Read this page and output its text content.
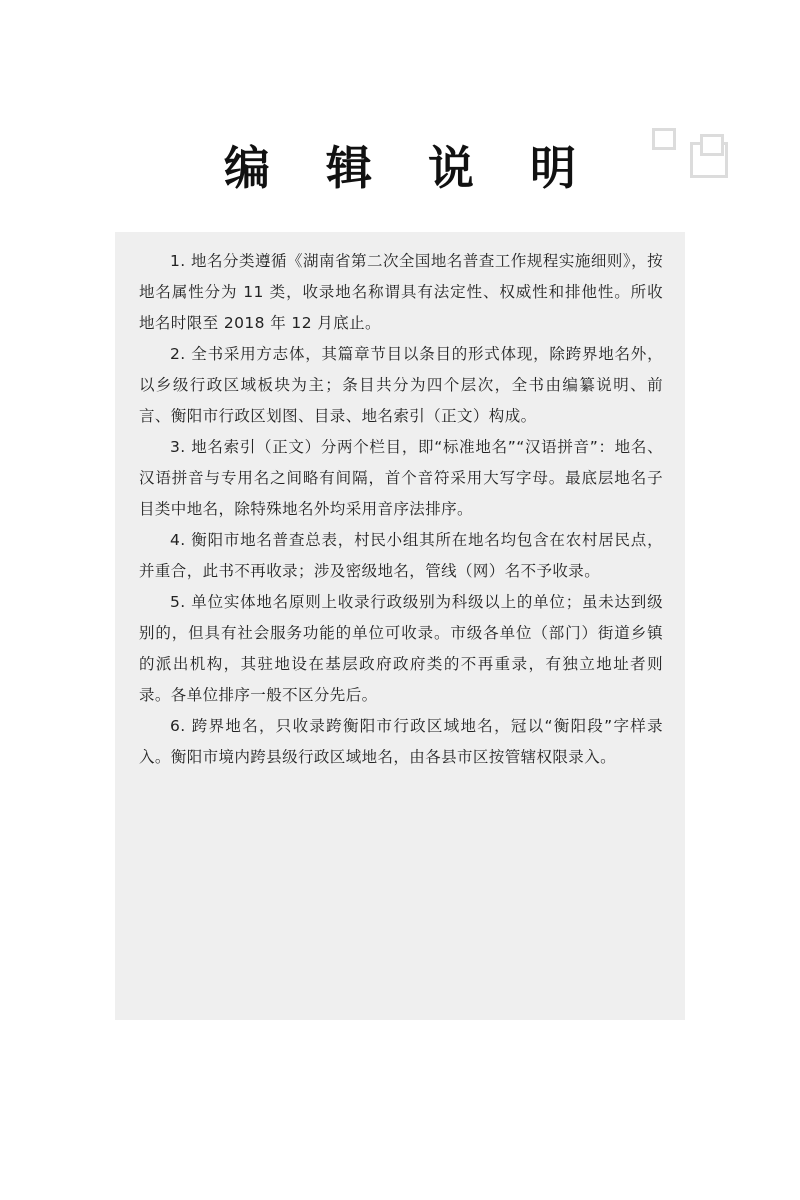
编 辑 说 明

1. 地名分类遵循《湖南省第二次全国地名普查工作规程实施细则》，按地名属性分为 11 类，收录地名称谓具有法定性、权威性和排他性。所收地名时限至 2018 年 12 月底止。

2. 全书采用方志体，其篇章节目以条目的形式体现，除跨界地名外，以乡级行政区域板块为主；条目共分为四个层次，全书由编纂说明、前言、衡阳市行政区划图、目录、地名索引（正文）构成。

3. 地名索引（正文）分两个栏目，即“标准地名”“汉语拼音”：地名、汉语拼音与专用名之间略有间隔，首个音符采用大写字母。最底层地名子目类中地名，除特殊地名外均采用音序法排序。

4. 衡阳市地名普查总表，村民小组其所在地名均包含在农村居民点，并重合，此书不再收录；涉及密级地名，管线（网）名不予收录。

5. 单位实体地名原则上收录行政级别为科级以上的单位；虽未达到级别的，但具有社会服务功能的单位可收录。市级各单位（部门）街道乡镇的派出机构，其驻地设在基层政府政府类的不再重录，有独立地址者则录。各单位排序一般不区分先后。

6. 跨界地名，只收录跨衡阳市行政区域地名，冠以“衡阳段”字样录入。衡阳市境内跨县级行政区域地名，由各县市区按管辖权限录入。
